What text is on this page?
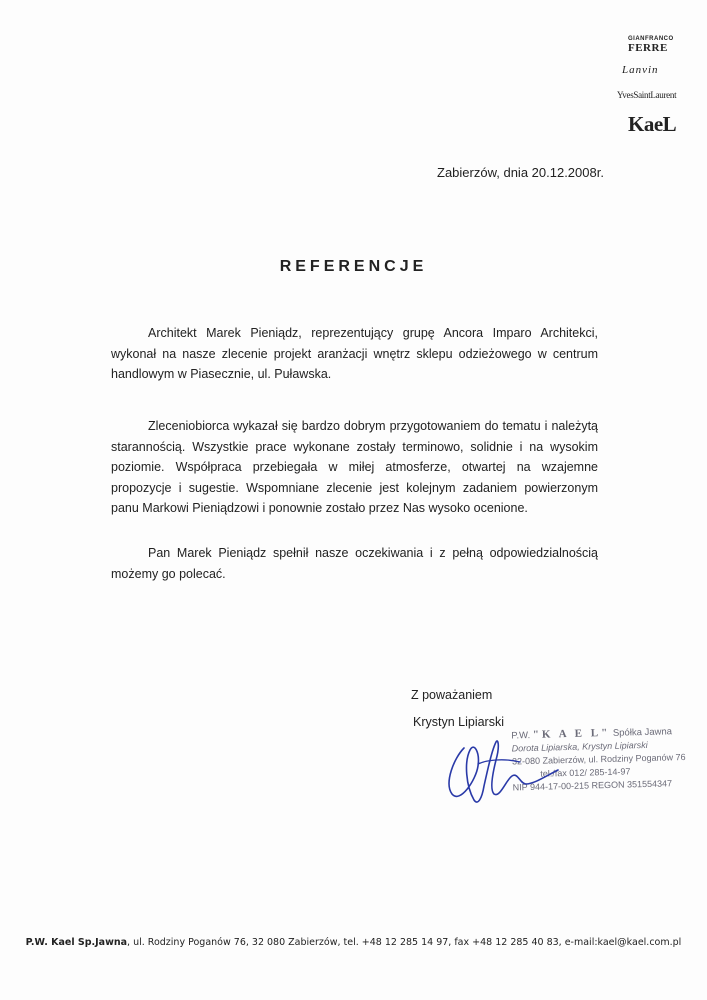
GIANFRANCO
FERRE
Lanvin
YvesSaintLaurent
KaeL
Zabierzów, dnia 20.12.2008r.
REFERENCJE

Architekt Marek Pieniądz, reprezentujący grupę Ancora Imparo Architekci, wykonał na nasze zlecenie projekt aranżacji wnętrz sklepu odzieżowego w centrum handlowym w Piasecznie, ul. Puławska.

Zleceniobiorca wykazał się bardzo dobrym przygotowaniem do tematu i należytą starannością. Wszystkie prace wykonane zostały terminowo, solidnie i na wysokim poziomie. Współpraca przebiegała w miłej atmosferze, otwartej na wzajemne propozycje i sugestie. Wspomniane zlecenie jest kolejnym zadaniem powierzonym panu Markowi Pieniądzowi i ponownie zostało przez Nas wysoko ocenione.

Pan Marek Pieniądz spełnił nasze oczekiwania i z pełną odpowiedzialnością możemy go polecać.

Z poważaniem
Krystyn Lipiarski
P.W. "K A E L" Spółka Jawna
Dorota Lipiarska, Krystyn Lipiarski
32-080 Zabierzów, ul. Rodziny Poganów 76
tel./fax 012/ 285-14-97
NIP 944-17-00-215 REGON 351554347
P.W. Kael Sp.Jawna, ul. Rodziny Poganów 76, 32 080 Zabierzów, tel. +48 12 285 14 97, fax +48 12 285 40 83, e-mail:kael@kael.com.pl
